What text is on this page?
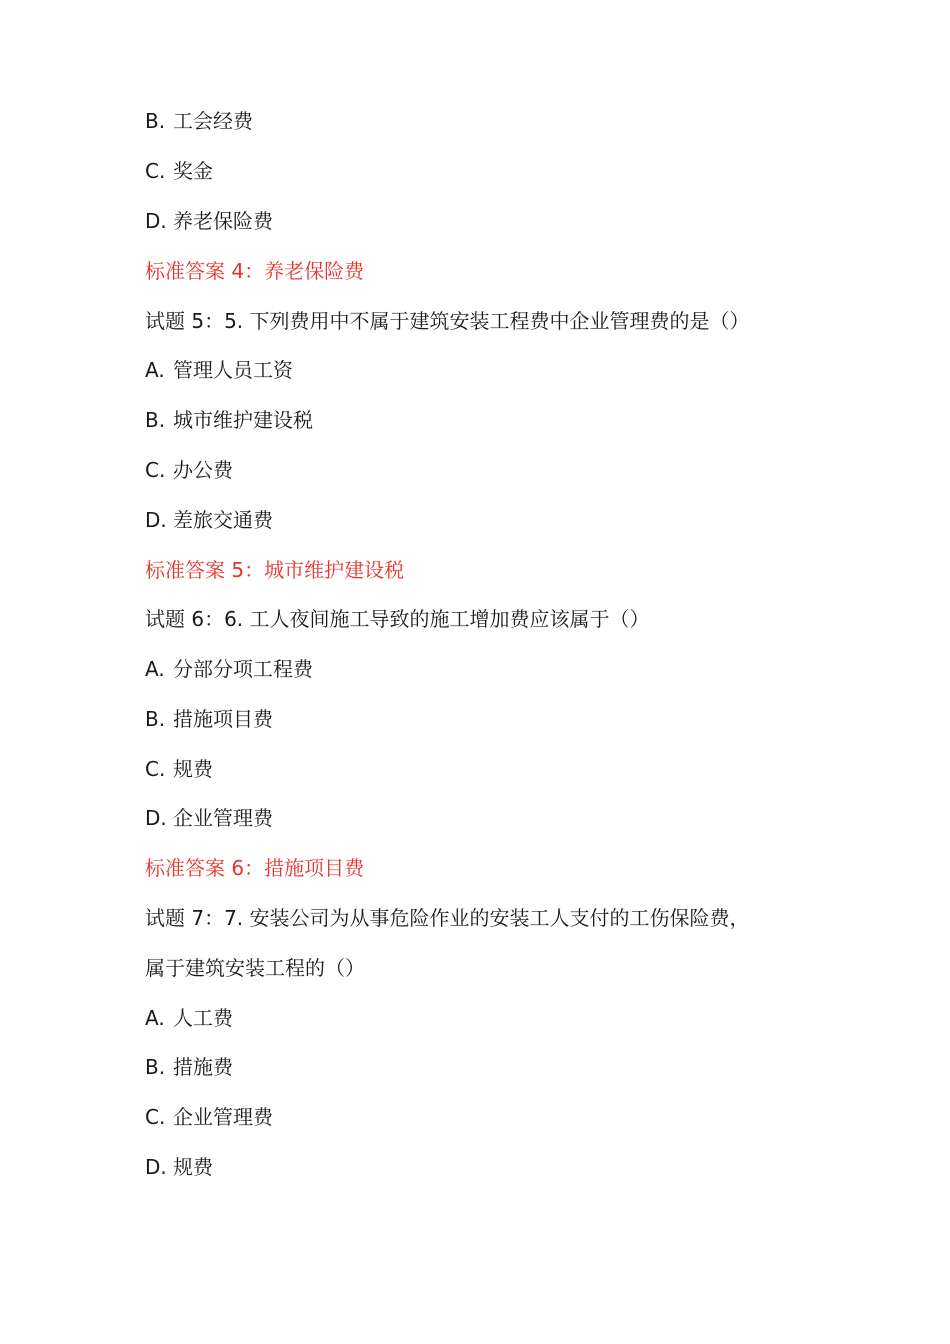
B. 工会经费
C. 奖金
D. 养老保险费
标准答案 4：养老保险费
试题 5：5. 下列费用中不属于建筑安装工程费中企业管理费的是（）
A. 管理人员工资
B. 城市维护建设税
C. 办公费
D. 差旅交通费
标准答案 5：城市维护建设税
试题 6：6. 工人夜间施工导致的施工增加费应该属于（）
A. 分部分项工程费
B. 措施项目费
C. 规费
D. 企业管理费
标准答案 6：措施项目费
试题 7：7. 安装公司为从事危险作业的安装工人支付的工伤保险费，
属于建筑安装工程的（）
A. 人工费
B. 措施费
C. 企业管理费
D. 规费
